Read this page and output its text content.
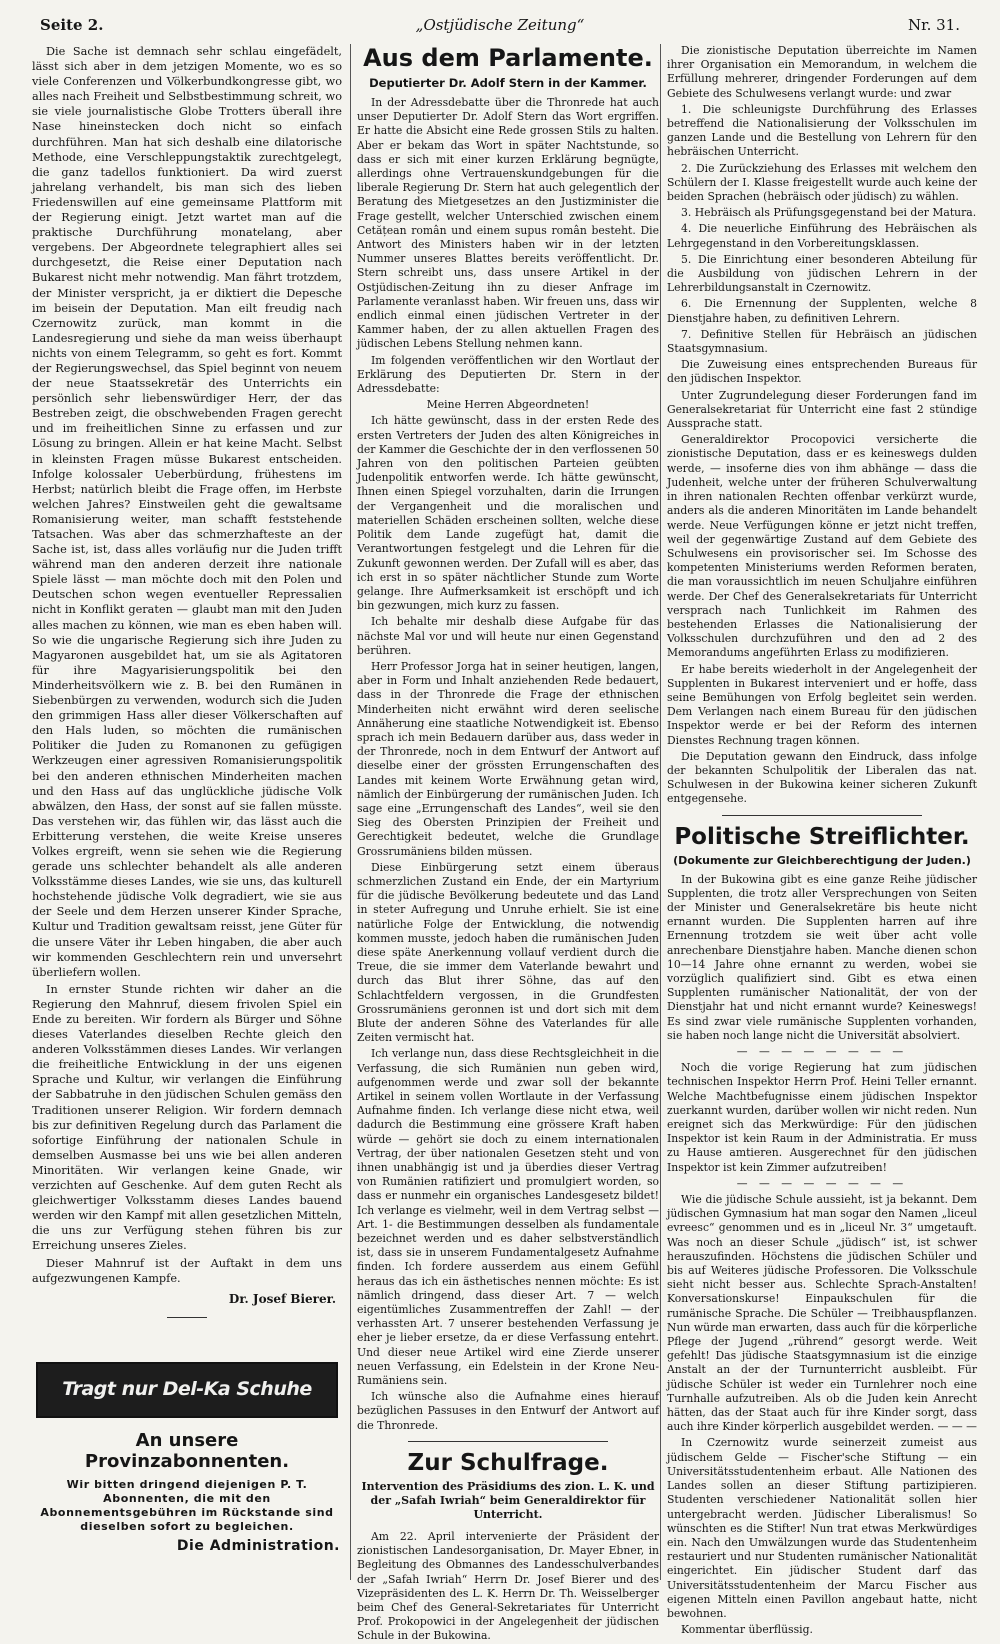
Seite 2.	„Ostjüdische Zeitung“	Nr. 31.

Die Sache ist demnach sehr schlau eingefädelt, lässt sich aber in dem jetzigen Momente, wo es so viele Conferenzen und Völkerbundkongresse gibt, wo alles nach Freiheit und Selbstbestimmung schreit, wo sie viele journalistische Globe Trotters überall ihre Nase hineinstecken doch nicht so einfach durchführen. Man hat sich deshalb eine dilatorische Methode, eine Verschleppungstaktik zurechtgelegt, die ganz tadellos funktioniert. Da wird zuerst jahrelang verhandelt, bis man sich des lieben Friedenswillen auf eine gemeinsame Plattform mit der Regierung einigt. Jetzt wartet man auf die praktische Durchführung monatelang, aber vergebens. Der Abgeordnete telegraphiert alles sei durchgesetzt, die Reise einer Deputation nach Bukarest nicht mehr notwendig. Man fährt trotzdem, der Minister verspricht, ja er diktiert die Depesche im beisein der Deputation. Man eilt freudig nach Czernowitz zurück, man kommt in die Landesregierung und siehe da man weiss überhaupt nichts von einem Telegramm, so geht es fort. Kommt der Regierungswechsel, das Spiel beginnt von neuem der neue Staatssekretär des Unterrichts ein persönlich sehr liebenswürdiger Herr, der das Bestreben zeigt, die obschwebenden Fragen gerecht und im freiheitlichen Sinne zu erfassen und zur Lösung zu bringen. Allein er hat keine Macht. Selbst in kleinsten Fragen müsse Bukarest entscheiden. Infolge kolossaler Ueberbürdung, frühestens im Herbst; natürlich bleibt die Frage offen, im Herbste welchen Jahres? Einstweilen geht die gewaltsame Romanisierung weiter, man schafft feststehende Tatsachen. Was aber das schmerzhafteste an der Sache ist, ist, dass alles vorläufig nur die Juden trifft während man den anderen derzeit ihre nationale Spiele lässt — man möchte doch mit den Polen und Deutschen schon wegen eventueller Repressalien nicht in Konflikt geraten — glaubt man mit den Juden alles machen zu können, wie man es eben haben will. So wie die ungarische Regierung sich ihre Juden zu Magyaronen ausgebildet hat, um sie als Agitatoren für ihre Magyarisierungspolitik bei den Minderheitsvölkern wie z. B. bei den Rumänen in Siebenbürgen zu verwenden, wodurch sich die Juden den grimmigen Hass aller dieser Völkerschaften auf den Hals luden, so möchten die rumänischen Politiker die Juden zu Romanonen zu gefügigen Werkzeugen einer agressiven Romanisierungspolitik bei den anderen ethnischen Minderheiten machen und den Hass auf das unglückliche jüdische Volk abwälzen, den Hass, der sonst auf sie fallen müsste. Das verstehen wir, das fühlen wir, das lässt auch die Erbitterung verstehen, die weite Kreise unseres Volkes ergreift, wenn sie sehen wie die Regierung gerade uns schlechter behandelt als alle anderen Volksstämme dieses Landes, wie sie uns, das kulturell hochstehende jüdische Volk degradiert, wie sie aus der Seele und dem Herzen unserer Kinder Sprache, Kultur und Tradition gewaltsam reisst, jene Güter für die unsere Väter ihr Leben hingaben, die aber auch wir kommenden Geschlechtern rein und unversehrt überliefern wollen.

In ernster Stunde richten wir daher an die Regierung den Mahnruf, diesem frivolen Spiel ein Ende zu bereiten. Wir fordern als Bürger und Söhne dieses Vaterlandes dieselben Rechte gleich den anderen Volksstämmen dieses Landes. Wir verlangen die freiheitliche Entwicklung in der uns eigenen Sprache und Kultur, wir verlangen die Einführung der Sabbatruhe in den jüdischen Schulen gemäss den Traditionen unserer Religion. Wir fordern demnach bis zur definitiven Regelung durch das Parlament die sofortige Einführung der nationalen Schule in demselben Ausmasse bei uns wie bei allen anderen Minoritäten. Wir verlangen keine Gnade, wir verzichten auf Geschenke. Auf dem guten Recht als gleichwertiger Volksstamm dieses Landes bauend werden wir den Kampf mit allen gesetzlichen Mitteln, die uns zur Verfügung stehen führen bis zur Erreichung unseres Zieles.

Dieser Mahnruf ist der Auftakt in dem uns aufgezwungenen Kampfe.

Dr. Josef Bierer.

Tragt nur Del-Ka Schuhe
An unsere Provinzabonnenten.
Wir bitten dringend diejenigen P. T. Abonnenten, die mit den Abonnementsgebühren im Rückstande sind dieselben sofort zu begleichen.
Die Administration.
Aus dem Parlamente.
Deputierter Dr. Adolf Stern in der Kammer.

In der Adressdebatte über die Thronrede hat auch unser Deputierter Dr. Adolf Stern das Wort ergriffen. Er hatte die Absicht eine Rede grossen Stils zu halten. Aber er bekam das Wort in später Nachtstunde, so dass er sich mit einer kurzen Erklärung begnügte, allerdings ohne Vertrauenskundgebungen für die liberale Regierung Dr. Stern hat auch gelegentlich der Beratung des Mietgesetzes an den Justizminister die Frage gestellt, welcher Unterschied zwischen einem Cetățean român und einem supus român besteht. Die Antwort des Ministers haben wir in der letzten Nummer unseres Blattes bereits veröffentlicht. Dr. Stern schreibt uns, dass unsere Artikel in der Ostjüdischen-Zeitung ihn zu dieser Anfrage im Parlamente veranlasst haben. Wir freuen uns, dass wir endlich einmal einen jüdischen Vertreter in der Kammer haben, der zu allen aktuellen Fragen des jüdischen Lebens Stellung nehmen kann.

Im folgenden veröffentlichen wir den Wortlaut der Erklärung des Deputierten Dr. Stern in der Adressdebatte:

Meine Herren Abgeordneten!

Ich hätte gewünscht, dass in der ersten Rede des ersten Vertreters der Juden des alten Königreiches in der Kammer die Geschichte der in den verflossenen 50 Jahren von den politischen Parteien geübten Judenpolitik entworfen werde. Ich hätte gewünscht, Ihnen einen Spiegel vorzuhalten, darin die Irrungen der Vergangenheit und die moralischen und materiellen Schäden erscheinen sollten, welche diese Politik dem Lande zugefügt hat, damit die Verantwortungen festgelegt und die Lehren für die Zukunft gewonnen werden. Der Zufall will es aber, das ich erst in so später nächtlicher Stunde zum Worte gelange. Ihre Aufmerksamkeit ist erschöpft und ich bin gezwungen, mich kurz zu fassen.

Ich behalte mir deshalb diese Aufgabe für das nächste Mal vor und will heute nur einen Gegenstand berühren.

Herr Professor Jorga hat in seiner heutigen, langen, aber in Form und Inhalt anziehenden Rede bedauert, dass in der Thronrede die Frage der ethnischen Minderheiten nicht erwähnt wird deren seelische Annäherung eine staatliche Notwendigkeit ist. Ebenso sprach ich mein Bedauern darüber aus, dass weder in der Thronrede, noch in dem Entwurf der Antwort auf dieselbe einer der grössten Errungenschaften des Landes mit keinem Worte Erwähnung getan wird, nämlich der Einbürgerung der rumänischen Juden. Ich sage eine „Errungenschaft des Landes“, weil sie den Sieg des Obersten Prinzipien der Freiheit und Gerechtigkeit bedeutet, welche die Grundlage Grossrumäniens bilden müssen.

Diese Einbürgerung setzt einem überaus schmerzlichen Zustand ein Ende, der ein Martyrium für die jüdische Bevölkerung bedeutete und das Land in steter Aufregung und Unruhe erhielt. Sie ist eine natürliche Folge der Entwicklung, die notwendig kommen musste, jedoch haben die rumänischen Juden diese späte Anerkennung vollauf verdient durch die Treue, die sie immer dem Vaterlande bewahrt und durch das Blut ihrer Söhne, das auf den Schlachtfeldern vergossen, in die Grundfesten Grossrumäniens geronnen ist und dort sich mit dem Blute der anderen Söhne des Vaterlandes für alle Zeiten vermischt hat.

Ich verlange nun, dass diese Rechtsgleichheit in die Verfassung, die sich Rumänien nun geben wird, aufgenommen werde und zwar soll der bekannte Artikel in seinem vollen Wortlaute in der Verfassung Aufnahme finden. Ich verlange diese nicht etwa, weil dadurch die Bestimmung eine grössere Kraft haben würde — gehört sie doch zu einem internationalen Vertrag, der über nationalen Gesetzen steht und von ihnen unabhängig ist und ja überdies dieser Vertrag von Rumänien ratifiziert und promulgiert worden, so dass er nunmehr ein organisches Landesgesetz bildet! Ich verlange es vielmehr, weil in dem Vertrag selbst — Art. 1- die Bestimmungen desselben als fundamentale bezeichnet werden und es daher selbstverständlich ist, dass sie in unserem Fundamentalgesetz Aufnahme finden. Ich fordere ausserdem aus einem Gefühl heraus das ich ein ästhetisches nennen möchte: Es ist nämlich dringend, dass dieser Art. 7 — welch eigentümliches Zusammentreffen der Zahl! — der verhassten Art. 7 unserer bestehenden Verfassung je eher je lieber ersetze, da er diese Verfassung entehrt. Und dieser neue Artikel wird eine Zierde unserer neuen Verfassung, ein Edelstein in der Krone Neu-Rumäniens sein.

Ich wünsche also die Aufnahme eines hierauf bezüglichen Passuses in den Entwurf der Antwort auf die Thronrede.

Zur Schulfrage.
Intervention des Präsidiums des zion. L. K. und der „Safah Iwriah“ beim Generaldirektor für Unterricht.

Am 22. April intervenierte der Präsident der zionistischen Landesorganisation, Dr. Mayer Ebner, in Begleitung des Obmannes des Landesschulverbandes der „Safah Iwriah“ Herrn Dr. Josef Bierer und des Vizepräsidenten des L. K. Herrn Dr. Th. Weisselberger beim Chef des General-Sekretariates für Unterricht Prof. Prokopowici in der Angelegenheit der jüdischen Schule in der Bukowina.

Die zionistische Deputation überreichte im Namen ihrer Organisation ein Memorandum, in welchem die Erfüllung mehrerer, dringender Forderungen auf dem Gebiete des Schulwesens verlangt wurde: und zwar

1. Die schleunigste Durchführung des Erlasses betreffend die Nationalisierung der Volksschulen im ganzen Lande und die Bestellung von Lehrern für den hebräischen Unterricht.

2. Die Zurückziehung des Erlasses mit welchem den Schülern der I. Klasse freigestellt wurde auch keine der beiden Sprachen (hebräisch oder jüdisch) zu wählen.

3. Hebräisch als Prüfungsgegenstand bei der Matura.

4. Die neuerliche Einführung des Hebräischen als Lehrgegenstand in den Vorbereitungsklassen.

5. Die Einrichtung einer besonderen Abteilung für die Ausbildung von jüdischen Lehrern in der Lehrerbildungsanstalt in Czernowitz.

6. Die Ernennung der Supplenten, welche 8 Dienstjahre haben, zu definitiven Lehrern.

7. Definitive Stellen für Hebräisch an jüdischen Staatsgymnasium.

Die Zuweisung eines entsprechenden Bureaus für den jüdischen Inspektor.

Unter Zugrundelegung dieser Forderungen fand im Generalsekretariat für Unterricht eine fast 2 stündige Aussprache statt.

Generaldirektor Procopovici versicherte die zionistische Deputation, dass er es keineswegs dulden werde, — insoferne dies von ihm abhänge — dass die Judenheit, welche unter der früheren Schulverwaltung in ihren nationalen Rechten offenbar verkürzt wurde, anders als die anderen Minoritäten im Lande behandelt werde. Neue Verfügungen könne er jetzt nicht treffen, weil der gegenwärtige Zustand auf dem Gebiete des Schulwesens ein provisorischer sei. Im Schosse des kompetenten Ministeriums werden Reformen beraten, die man voraussichtlich im neuen Schuljahre einführen werde. Der Chef des Generalsekretariats für Unterricht versprach nach Tunlichkeit im Rahmen des bestehenden Erlasses die Nationalisierung der Volksschulen durchzuführen und den ad 2 des Memorandums angeführten Erlass zu modifizieren.

Er habe bereits wiederholt in der Angelegenheit der Supplenten in Bukarest interveniert und er hoffe, dass seine Bemühungen von Erfolg begleitet sein werden. Dem Verlangen nach einem Bureau für den jüdischen Inspektor werde er bei der Reform des internen Dienstes Rechnung tragen können.

Die Deputation gewann den Eindruck, dass infolge der bekannten Schulpolitik der Liberalen das nat. Schulwesen in der Bukowina keiner sicheren Zukunft entgegensehe.

Politische Streiflichter.
(Dokumente zur Gleichberechtigung der Juden.)

In der Bukowina gibt es eine ganze Reihe jüdischer Supplenten, die trotz aller Versprechungen von Seiten der Minister und Generalsekretäre bis heute nicht ernannt wurden. Die Supplenten harren auf ihre Ernennung trotzdem sie weit über acht volle anrechenbare Dienstjahre haben. Manche dienen schon 10—14 Jahre ohne ernannt zu werden, wobei sie vorzüglich qualifiziert sind. Gibt es etwa einen Supplenten rumänischer Nationalität, der von der Dienstjahr hat und nicht ernannt wurde? Keineswegs! Es sind zwar viele rumänische Supplenten vorhanden, sie haben noch lange nicht die Universität absolviert.

— — — — — — — —

Noch die vorige Regierung hat zum jüdischen technischen Inspektor Herrn Prof. Heini Teller ernannt. Welche Machtbefugnisse einem jüdischen Inspektor zuerkannt wurden, darüber wollen wir nicht reden. Nun ereignet sich das Merkwürdige: Für den jüdischen Inspektor ist kein Raum in der Administratia. Er muss zu Hause amtieren. Ausgerechnet für den jüdischen Inspektor ist kein Zimmer aufzutreiben!

— — — — — — — —

Wie die jüdische Schule aussieht, ist ja bekannt. Dem jüdischen Gymnasium hat man sogar den Namen „liceul evreesc“ genommen und es in „liceul Nr. 3“ umgetauft. Was noch an dieser Schule „jüdisch“ ist, ist schwer herauszufinden. Höchstens die jüdischen Schüler und bis auf Weiteres jüdische Professoren. Die Volksschule sieht nicht besser aus. Schlechte Sprach-Anstalten! Konversationskurse! Einpaukschulen für die rumänische Sprache. Die Schüler — Treibhauspflanzen. Nun würde man erwarten, dass auch für die körperliche Pflege der Jugend „rührend“ gesorgt werde. Weit gefehlt! Das jüdische Staatsgymnasium ist die einzige Anstalt an der der Turnunterricht ausbleibt. Für jüdische Schüler ist weder ein Turnlehrer noch eine Turnhalle aufzutreiben. Als ob die Juden kein Anrecht hätten, das der Staat auch für ihre Kinder sorgt, dass auch ihre Kinder körperlich ausgebildet werden. — — —

In Czernowitz wurde seinerzeit zumeist aus jüdischem Gelde — Fischer'sche Stiftung — ein Universitätsstudentenheim erbaut. Alle Nationen des Landes sollen an dieser Stiftung partizipieren. Studenten verschiedener Nationalität sollen hier untergebracht werden. Jüdischer Liberalismus! So wünschten es die Stifter! Nun trat etwas Merkwürdiges ein. Nach den Umwälzungen wurde das Studentenheim restauriert und nur Studenten rumänischer Nationalität eingerichtet. Ein jüdischer Student darf das Universitätsstudentenheim der Marcu Fischer aus eigenen Mitteln einen Pavillon angebaut hatte, nicht bewohnen.

Kommentar überflüssig.
